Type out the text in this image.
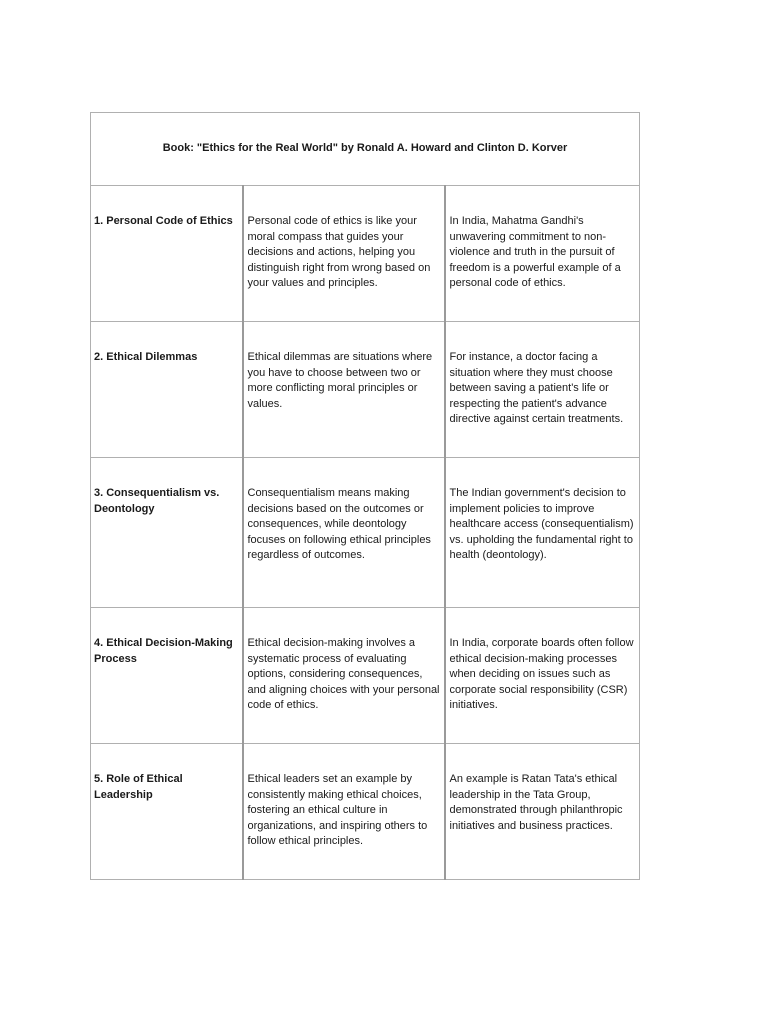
Book: "Ethics for the Real World" by Ronald A. Howard and Clinton D. Korver		
1. Personal Code of Ethics	Personal code of ethics is like your moral compass that guides your decisions and actions, helping you distinguish right from wrong based on your values and principles.	In India, Mahatma Gandhi's unwavering commitment to non-violence and truth in the pursuit of freedom is a powerful example of a personal code of ethics.
2. Ethical Dilemmas	Ethical dilemmas are situations where you have to choose between two or more conflicting moral principles or values.	For instance, a doctor facing a situation where they must choose between saving a patient's life or respecting the patient's advance directive against certain treatments.
3. Consequentialism vs. Deontology	Consequentialism means making decisions based on the outcomes or consequences, while deontology focuses on following ethical principles regardless of outcomes.	The Indian government's decision to implement policies to improve healthcare access (consequentialism) vs. upholding the fundamental right to health (deontology).
4. Ethical Decision-Making Process	Ethical decision-making involves a systematic process of evaluating options, considering consequences, and aligning choices with your personal code of ethics.	In India, corporate boards often follow ethical decision-making processes when deciding on issues such as corporate social responsibility (CSR) initiatives.
5. Role of Ethical Leadership	Ethical leaders set an example by consistently making ethical choices, fostering an ethical culture in organizations, and inspiring others to follow ethical principles.	An example is Ratan Tata's ethical leadership in the Tata Group, demonstrated through philanthropic initiatives and business practices.
